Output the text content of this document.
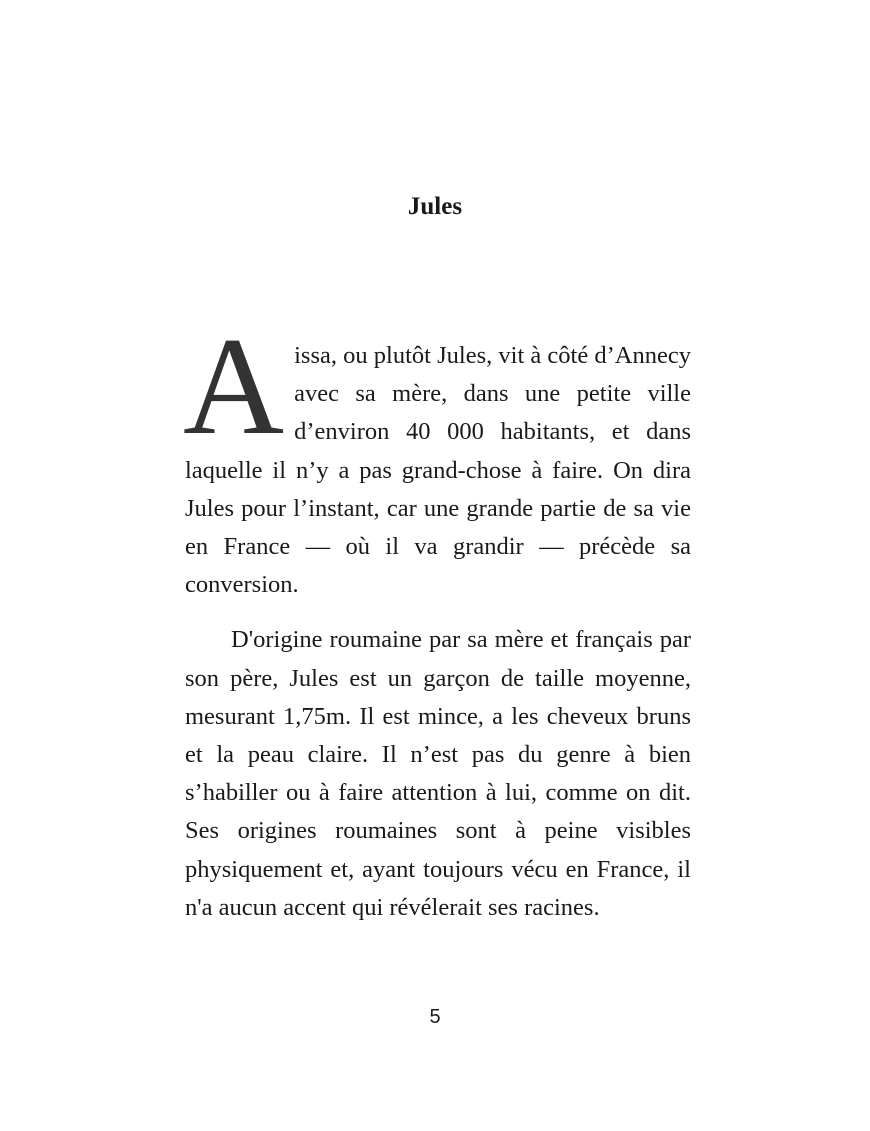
Jules

Aissa, ou plutôt Jules, vit à côté d’Annecy avec sa mère, dans une petite ville d’environ 40 000 habitants, et dans laquelle il n’y a pas grand-chose à faire. On dira Jules pour l’instant, car une grande partie de sa vie en France — où il va grandir — précède sa conversion.

D'origine roumaine par sa mère et français par son père, Jules est un garçon de taille moyenne, mesurant 1,75m. Il est mince, a les cheveux bruns et la peau claire. Il n’est pas du genre à bien s’habiller ou à faire attention à lui, comme on dit. Ses origines roumaines sont à peine visibles physiquement et, ayant toujours vécu en France, il n'a aucun accent qui révélerait ses racines.

5
